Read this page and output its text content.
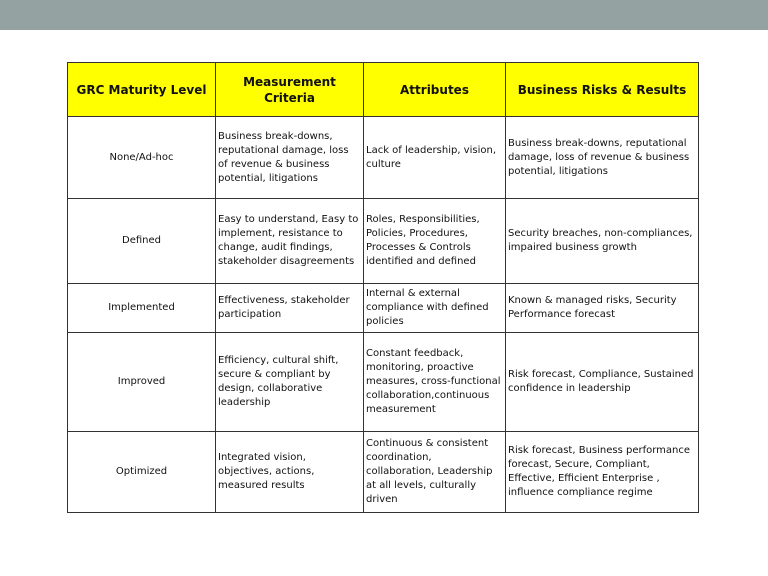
GRC Maturity Level	Measurement Criteria	Attributes	Business Risks & Results
None/Ad-hoc	Business break-downs, reputational damage, loss of revenue & business potential, litigations	Lack of leadership, vision, culture	Business break-downs, reputational damage, loss of revenue & business potential, litigations
Defined	Easy to understand, Easy to implement, resistance to change, audit findings, stakeholder disagreements	Roles, Responsibilities, Policies, Procedures, Processes & Controls identified and defined	Security breaches, non-compliances, impaired business growth
Implemented	Effectiveness, stakeholder participation	Internal & external compliance with defined policies	Known & managed risks, Security Performance forecast
Improved	Efficiency, cultural shift, secure & compliant by design, collaborative leadership	Constant feedback, monitoring, proactive measures, cross-functional collaboration,continuous measurement	Risk forecast, Compliance, Sustained confidence in leadership
Optimized	Integrated vision, objectives, actions, measured results	Continuous & consistent coordination, collaboration, Leadership at all levels, culturally driven	Risk forecast, Business performance forecast, Secure, Compliant, Effective, Efficient Enterprise , influence compliance regime
